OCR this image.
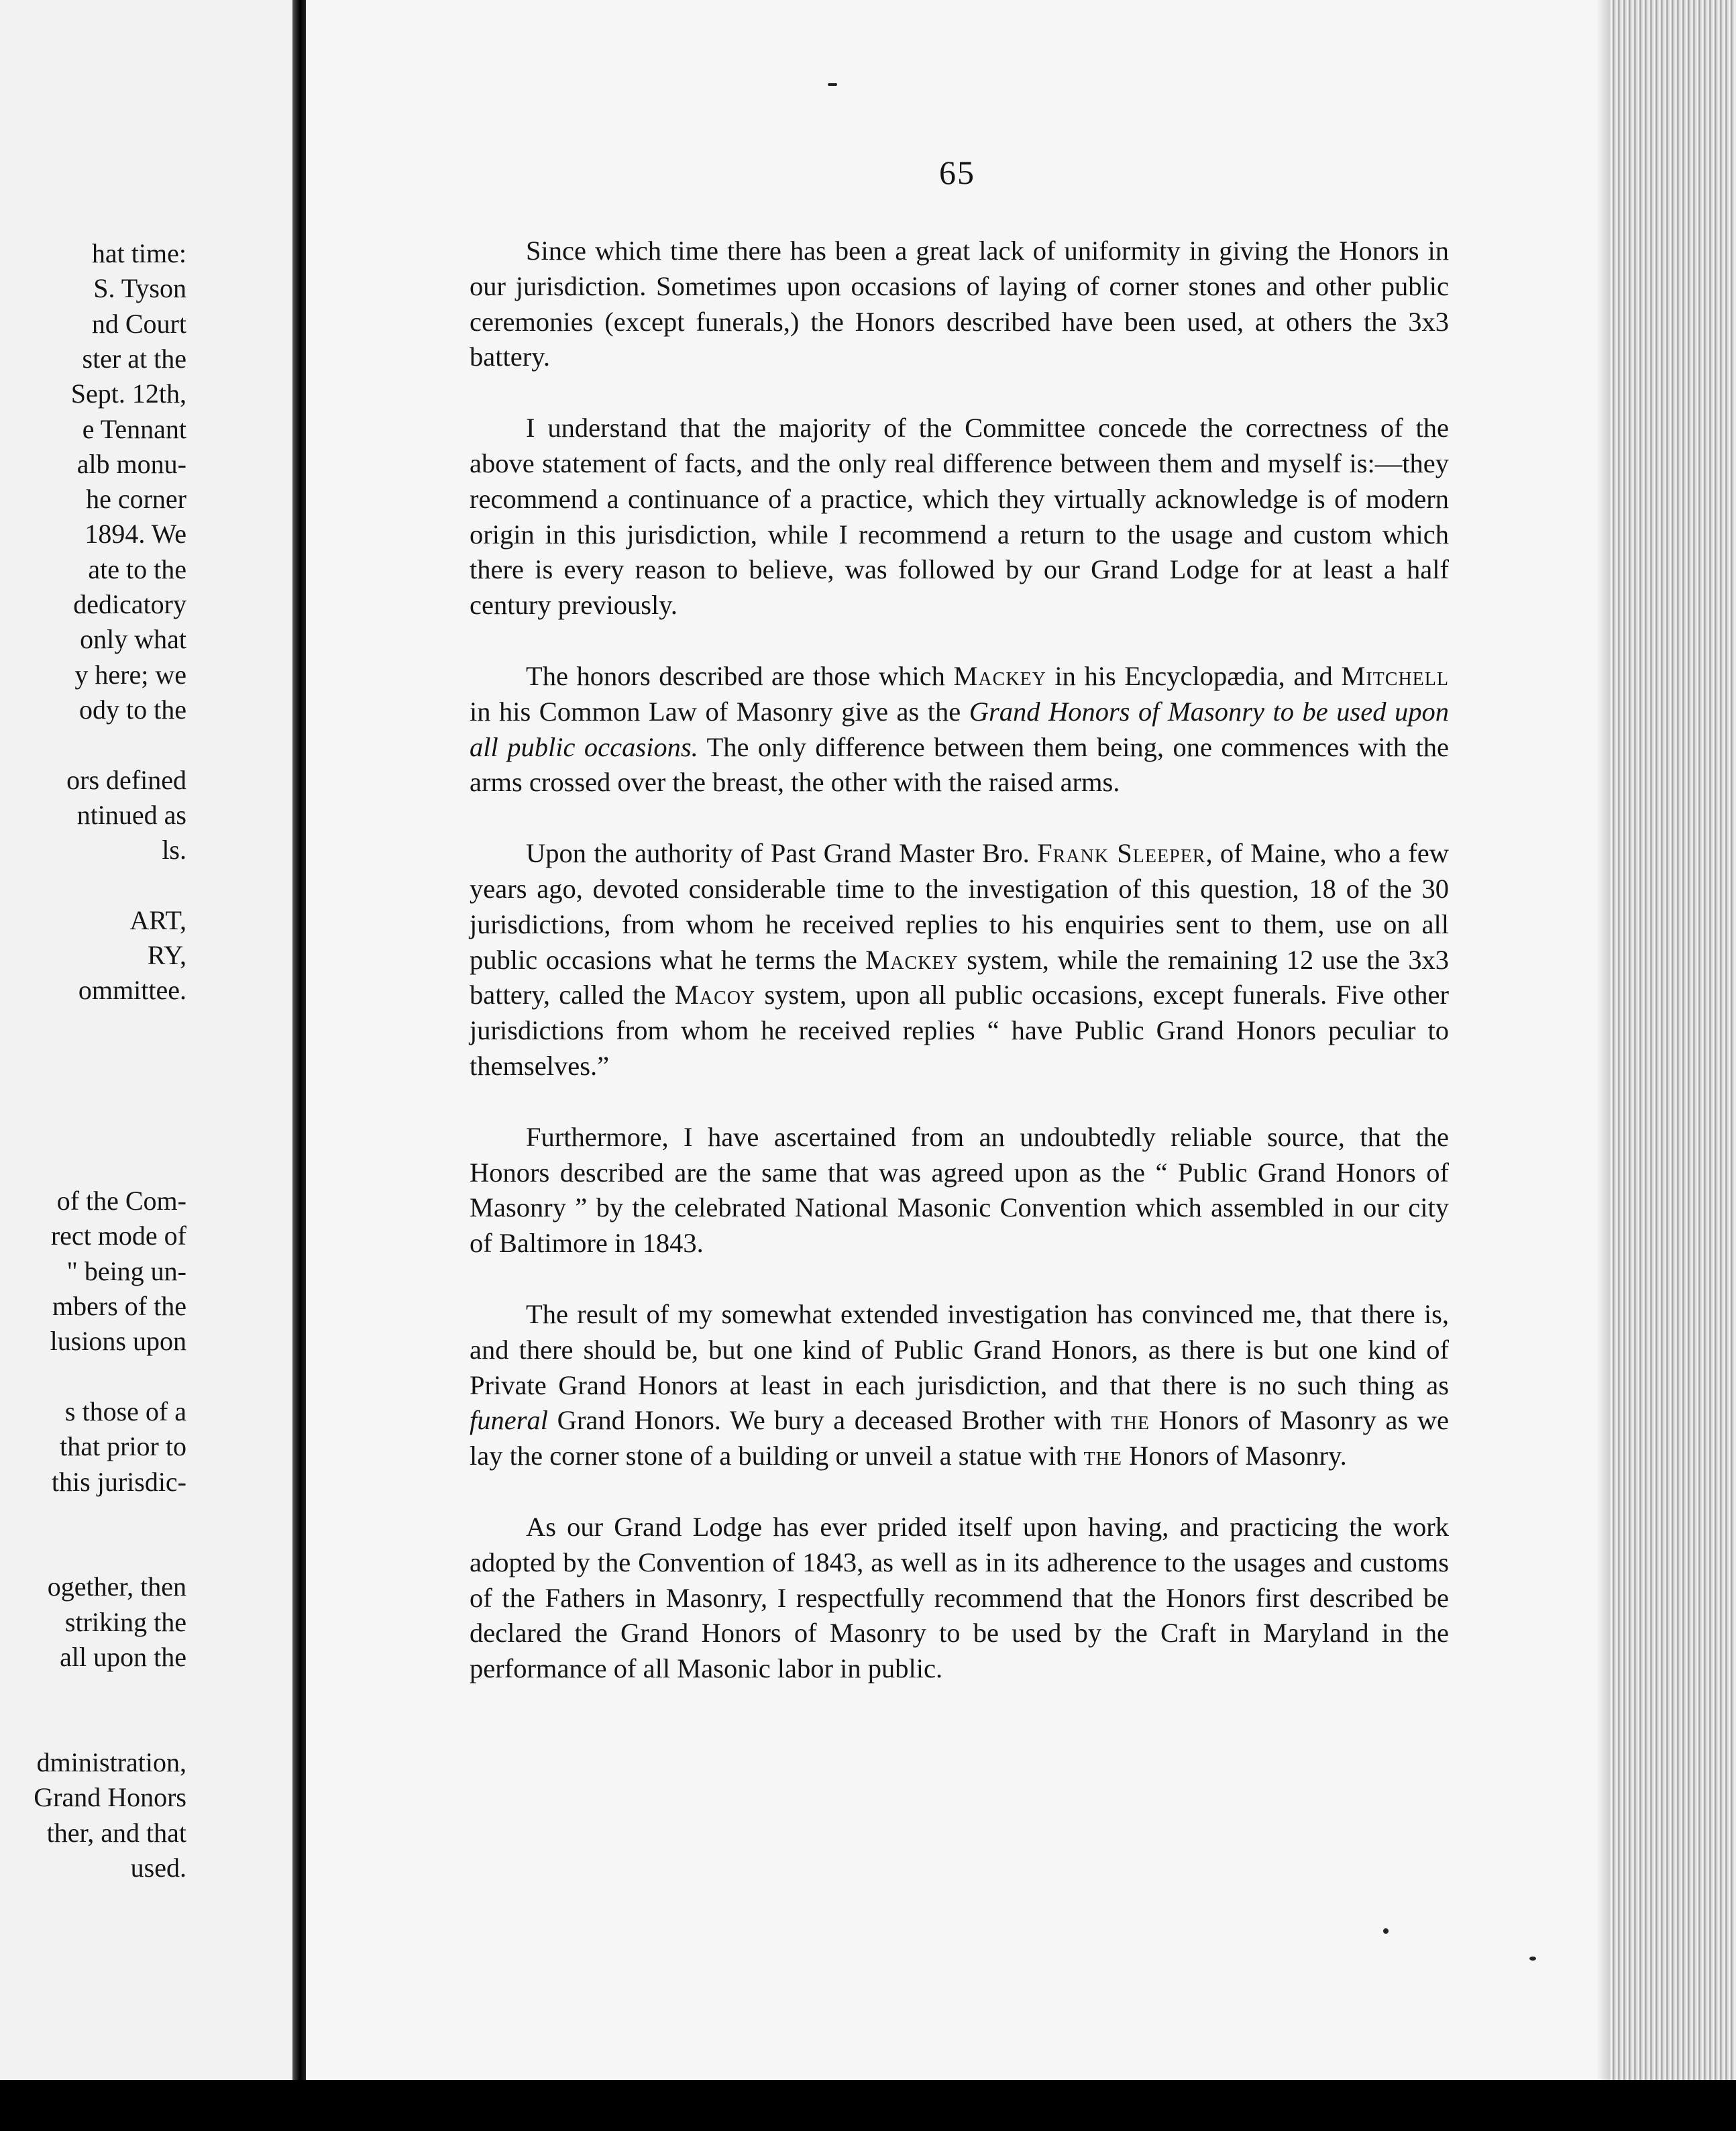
hat time:
S. Tyson
nd Court
ster at the
Sept. 12th,
e Tennant
alb monu-
he corner
1894. We
ate to the
dedicatory
only what
y here; we
ody to the
ors defined
ntinued as
ls.
ART,
RY,
ommittee.
of the Com-
rect mode of
" being un-
mbers of the
lusions upon
s those of a
that prior to
this jurisdic-
ogether, then
striking the
all upon the
dministration,
Grand Honors
ther, and that
used.
65

Since which time there has been a great lack of uniformity in giving the Honors in our jurisdiction. Sometimes upon occasions of laying of corner stones and other public ceremonies (except funerals,) the Honors described have been used, at others the 3x3 battery.

I understand that the majority of the Committee concede the correctness of the above statement of facts, and the only real difference between them and myself is:—they recommend a continuance of a practice, which they virtually acknowledge is of modern origin in this jurisdiction, while I recommend a return to the usage and custom which there is every reason to believe, was followed by our Grand Lodge for at least a half century previously.

The honors described are those which Mackey in his Encyclopædia, and Mitchell in his Common Law of Masonry give as the Grand Honors of Masonry to be used upon all public occasions. The only difference between them being, one commences with the arms crossed over the breast, the other with the raised arms.

Upon the authority of Past Grand Master Bro. Frank Sleeper, of Maine, who a few years ago, devoted considerable time to the investigation of this question, 18 of the 30 jurisdictions, from whom he received replies to his enquiries sent to them, use on all public occasions what he terms the Mackey system, while the remaining 12 use the 3x3 battery, called the Macoy system, upon all public occasions, except funerals. Five other jurisdictions from whom he received replies “ have Public Grand Honors peculiar to themselves.”

Furthermore, I have ascertained from an undoubtedly reliable source, that the Honors described are the same that was agreed upon as the “ Public Grand Honors of Masonry ” by the celebrated National Masonic Convention which assembled in our city of Baltimore in 1843.

The result of my somewhat extended investigation has convinced me, that there is, and there should be, but one kind of Public Grand Honors, as there is but one kind of Private Grand Honors at least in each jurisdiction, and that there is no such thing as funeral Grand Honors. We bury a deceased Brother with the Honors of Masonry as we lay the corner stone of a building or unveil a statue with the Honors of Masonry.

As our Grand Lodge has ever prided itself upon having, and practicing the work adopted by the Convention of 1843, as well as in its adherence to the usages and customs of the Fathers in Masonry, I respectfully recommend that the Honors first described be declared the Grand Honors of Masonry to be used by the Craft in Maryland in the performance of all Masonic labor in public.
